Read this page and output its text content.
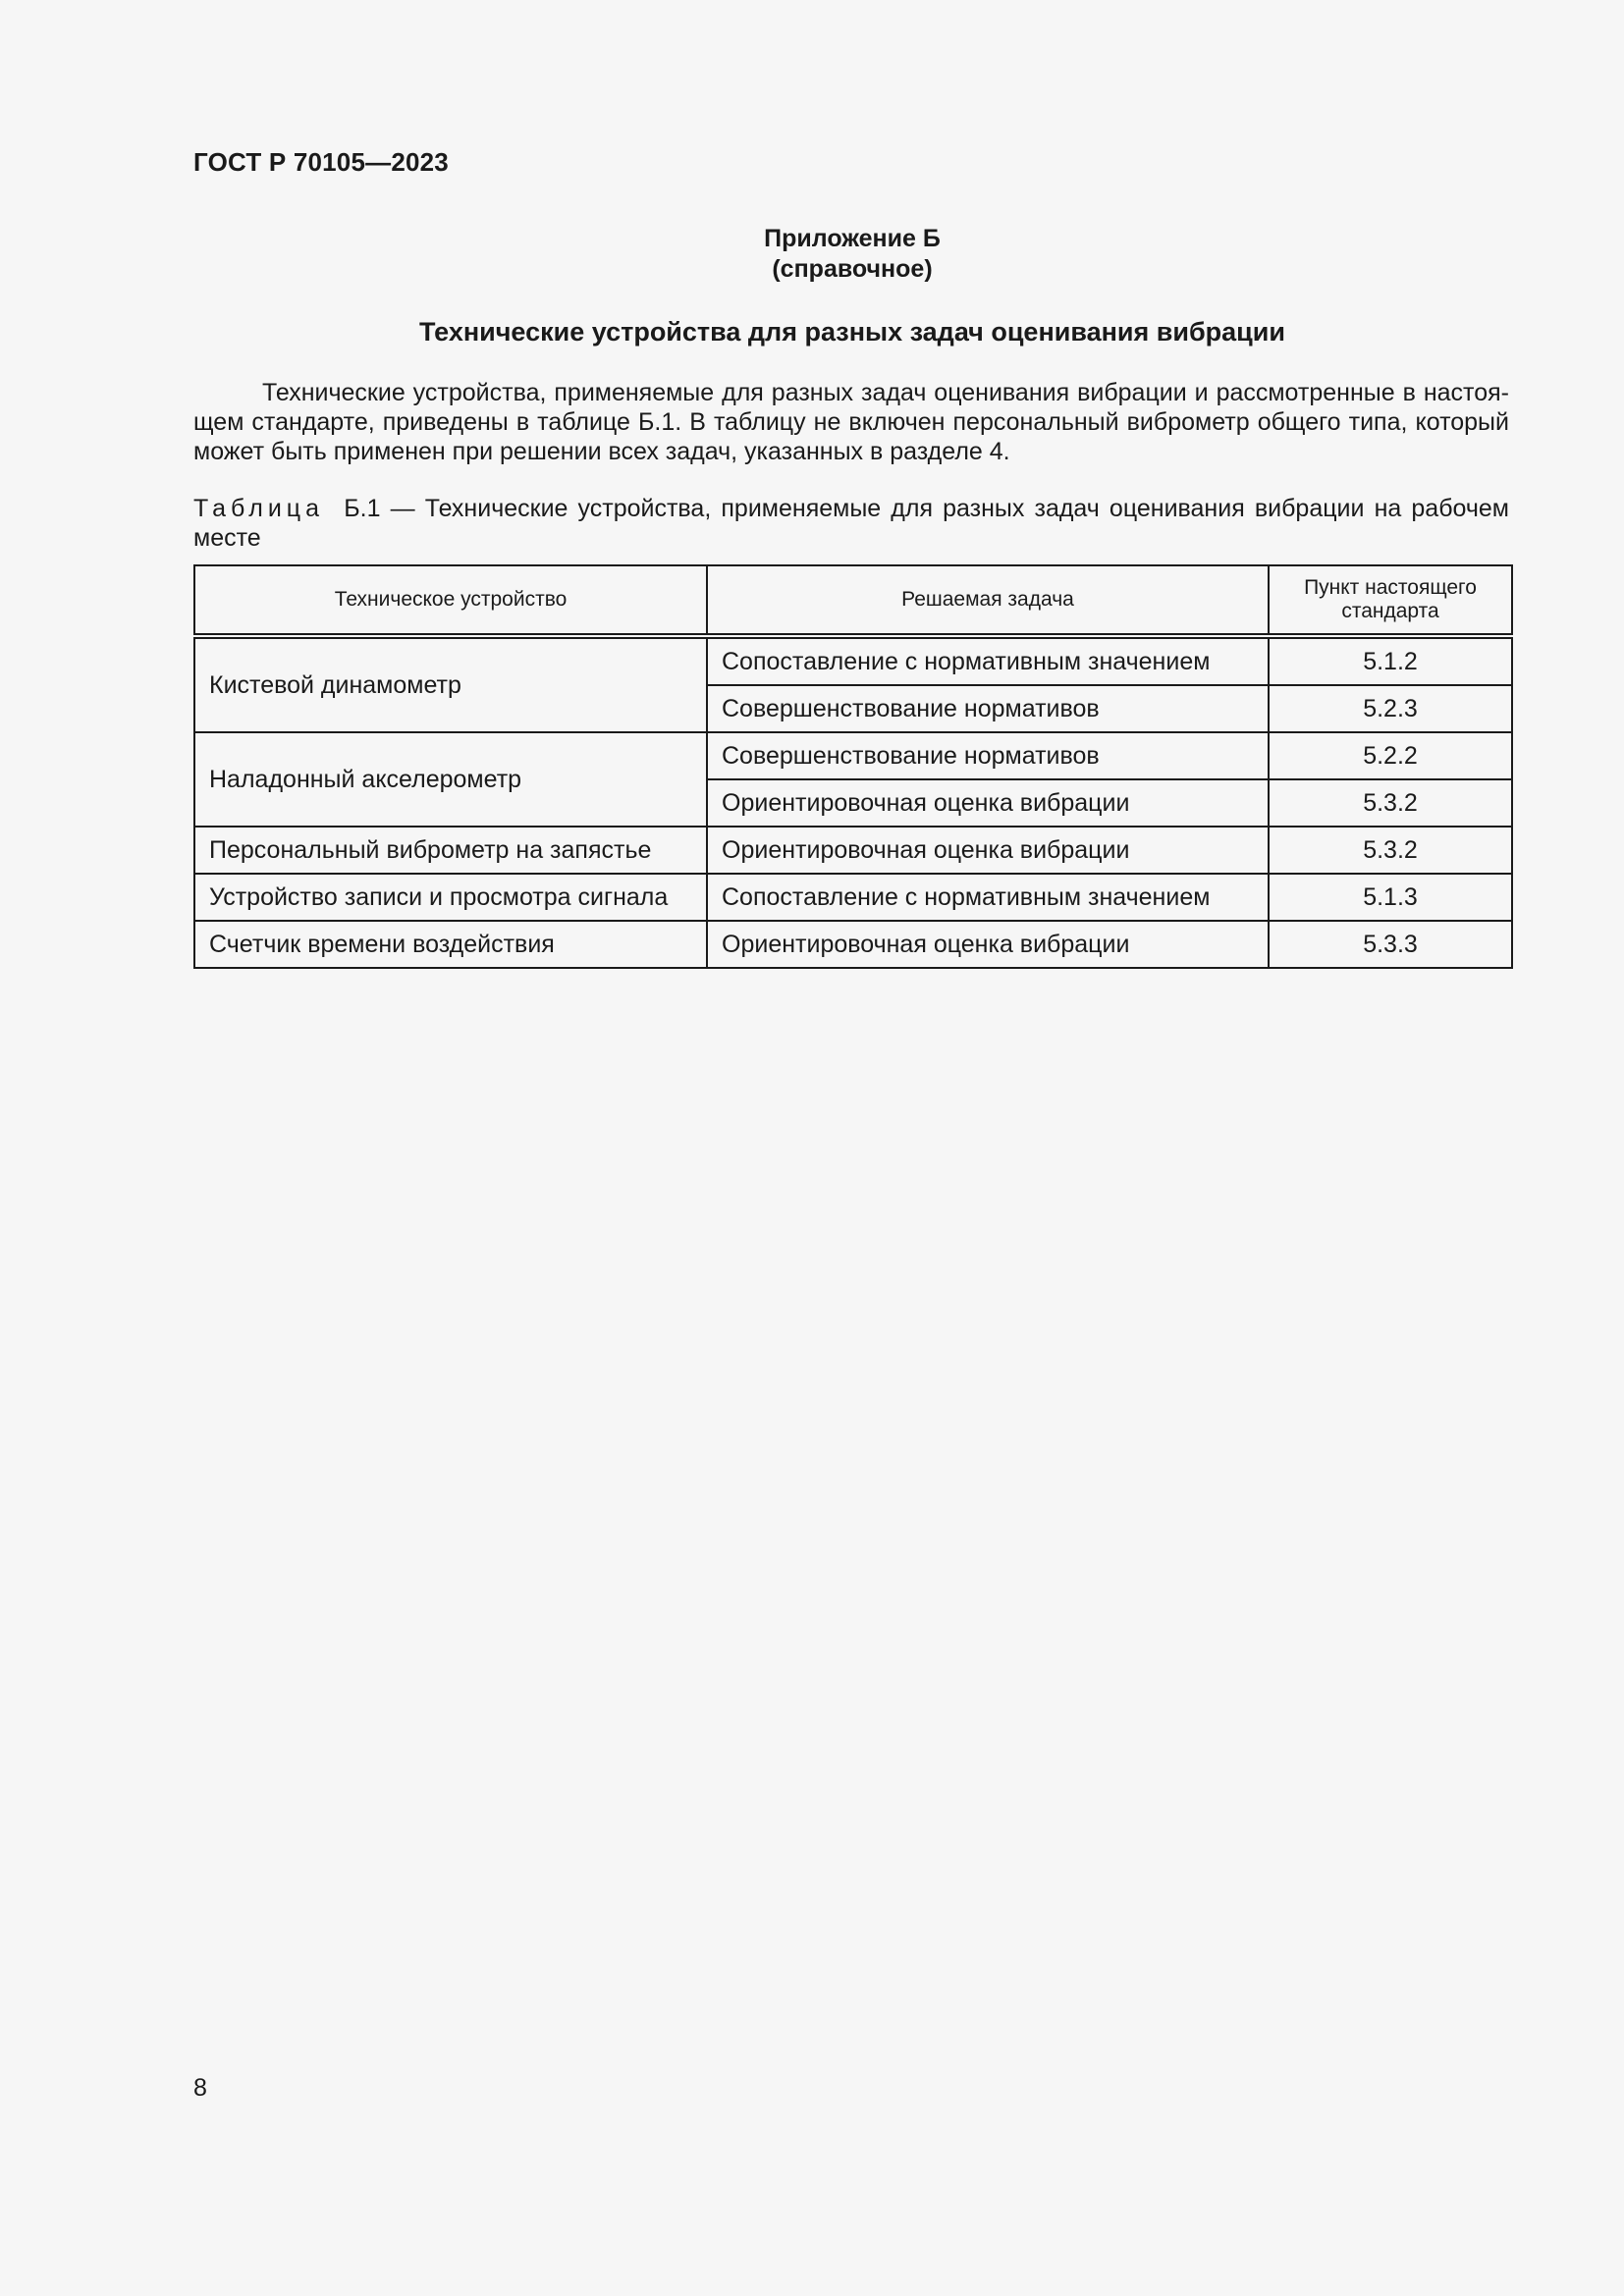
ГОСТ Р 70105—2023
Приложение Б
(справочное)
Технические устройства для разных задач оценивания вибрации
Технические устройства, применяемые для разных задач оценивания вибрации и рассмотренные в настоя-
щем стандарте, приведены в таблице Б.1. В таблицу не включен персональный виброметр общего типа, который
может быть применен при решении всех задач, указанных в разделе 4.
Таблица Б.1 — Технические устройства, применяемые для разных задач оценивания вибрации на рабочем
месте
Техническое устройство	Решаемая задача	Пункт настоящего стандарта
Кистевой динамометр	Сопоставление с нормативным значением	5.1.2
	Совершенствование нормативов	5.2.3
Наладонный акселерометр	Совершенствование нормативов	5.2.2
	Ориентировочная оценка вибрации	5.3.2
Персональный виброметр на запястье	Ориентировочная оценка вибрации	5.3.2
Устройство записи и просмотра сигнала	Сопоставление с нормативным значением	5.1.3
Счетчик времени воздействия	Ориентировочная оценка вибрации	5.3.3
8
